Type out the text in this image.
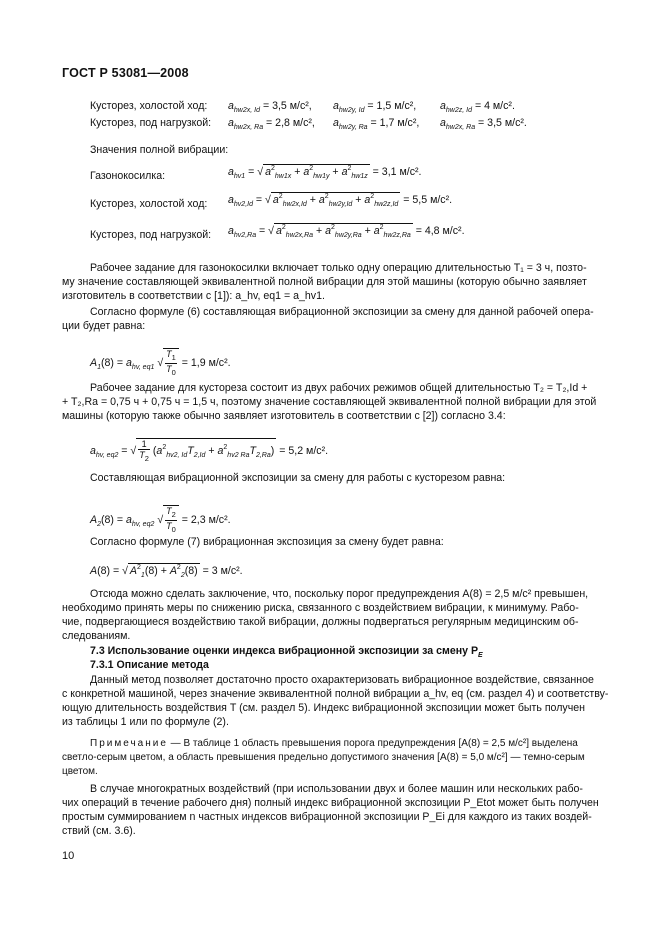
ГОСТ Р 53081—2008
Кусторез, холостой ход: $a_{hw2x, Id} = 3,5$ м/с², $a_{hw2y, Id} = 1,5$ м/с², $a_{hw2z, Id} = 4$ м/с².
Кусторез, под нагрузкой: $a_{hw2x, Ra} = 2,8$ м/с², $a_{hw2y, Ra} = 1,7$ м/с², $a_{hw2x, Ra} = 3,5$ м/с².
Значения полной вибрации:
Газонокосилка:	$a_{hv1}$ = √ $a^2_{hw1x} + a^2_{hw1y} + a^2_{hw1z} = 3,1$ м/с².
Кусторез, холостой ход: $a_{hv2,Id}$ = √ $a^2_{hw2x,Id} + a^2_{hw2y,Id} + a^2_{hw2z,Id} = 5,5$ м/с².
Кусторез, под нагрузкой: $a_{hv2,Ra}$ = √ $a^2_{hw2x,Ra} + a^2_{hw2y,Ra} + a^2_{hw2z,Ra} = 4,8$ м/с².
Рабочее задание для газонокосилки включает только одну операцию длительностью T₁ = 3 ч, позто-
му значение составляющей эквивалентной полной вибрации для этой машины (которую обычно заявляет
изготовитель в соответствии с [1]): a_hv, eq1 = a_hv1.
Согласно формуле (6) составляющая вибрационной экспозиции за смену для данной рабочей опера-
ции будет равна:
$A_1(8) = a_{hv, eq1}$ √ $\frac{T_1}{T_0} = 1,9$ м/с².
Рабочее задание для кустореза состоит из двух рабочих режимов общей длительностью T₂ = T₂,Id +
+ T₂,Ra = 0,75 ч + 0,75 ч = 1,5 ч, поэтому значение составляющей эквивалентной полной вибрации для этой
машины (которую также обычно заявляет изготовитель в соответствии с [2]) согласно 3.4:
$a_{hv, eq2}$ = √ $\frac{1}{T_2} (a^2_{hv2, Id}T_{2,Id} + a^2_{hv2 Ra}T_{2,Ra}) = 5,2$ м/с².
Составляющая вибрационной экспозиции за смену для работы с кусторезом равна:
$A_2(8) = a_{hv, eq2}$ √ $\frac{T_2}{T_0} = 2,3$ м/с².
Согласно формуле (7) вибрационная экспозиция за смену будет равна:
A(8) = √ $A^2_1(8) + A^2_2(8) = 3$ м/с².
Отсюда можно сделать заключение, что, поскольку порог предупреждения A(8) = 2,5 м/с² превышен,
необходимо принять меры по снижению риска, связанного с воздействием вибрации, к минимуму. Рабо-
чие, подвергающиеся воздействию такой вибрации, должны подвергаться регулярным медицинским об-
следованиям.
7.3 Использование оценки индекса вибрационной экспозиции за смену $P_E$
7.3.1 Описание метода
Данный метод позволяет достаточно просто охарактеризовать вибрационное воздействие, связанное
с конкретной машиной, через значение эквивалентной полной вибрации a_hv, eq (см. раздел 4) и соответству-
ющую длительность воздействия T (см. раздел 5). Индекс вибрационной экспозиции может быть получен
из таблицы 1 или по формуле (2).
Примечание — В таблице 1 область превышения порога предупреждения [A(8) = 2,5 м/с²] выделена
светло-серым цветом, а область превышения предельно допустимого значения [A(8) = 5,0 м/с²] — темно-серым
цветом.
В случае многократных воздействий (при использовании двух и более машин или нескольких рабо-
чих операций в течение рабочего дня) полный индекс вибрационной экспозиции P_Etot может быть получен
простым суммированием n частных индексов вибрационной экспозиции P_Ei для каждого из таких воздей-
ствий (см. 3.6).
10
